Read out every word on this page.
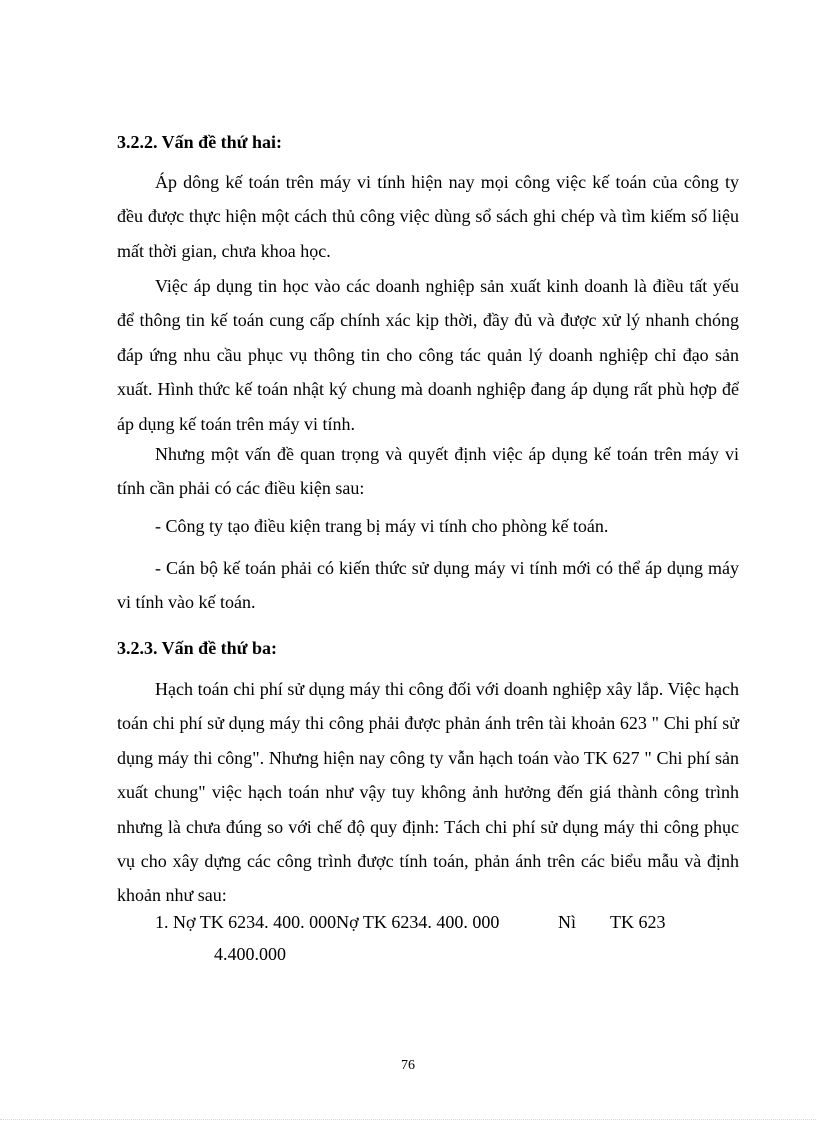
3.2.2. Vấn đề thứ hai:

Áp dông kế toán trên máy vi tính hiện nay mọi công việc kế toán của công ty đều được thực hiện một cách thủ công việc dùng sổ sách ghi chép và tìm kiếm số liệu mất thời gian, chưa khoa học.

Việc áp dụng tin học vào các doanh nghiệp sản xuất kinh doanh là điều tất yếu để thông tin kế toán cung cấp chính xác kịp thời, đầy đủ và được xử lý nhanh chóng đáp ứng nhu cầu phục vụ thông tin cho công tác quản lý doanh nghiệp chỉ đạo sản xuất. Hình thức kế toán nhật ký chung mà doanh nghiệp đang áp dụng rất phù hợp để áp dụng kế toán trên máy vi tính.

Nhưng một vấn đề quan trọng và quyết định việc áp dụng kế toán trên máy vi tính cần phải có các điều kiện sau:

- Công ty tạo điều kiện trang bị máy vi tính cho phòng kế toán.

- Cán bộ kế toán phải có kiến thức sử dụng máy vi tính mới có thể áp dụng máy vi tính vào kế toán.

3.2.3. Vấn đề thứ ba:

Hạch toán chi phí sử dụng máy thi công đối với doanh nghiệp xây lắp. Việc hạch toán chi phí sử dụng máy thi công phải được phản ánh trên tài khoản 623 " Chi phí sử dụng máy thi công". Nhưng hiện nay công ty vẫn hạch toán vào TK 627 " Chi phí sản xuất chung" việc hạch toán như vậy tuy không ảnh hưởng đến giá thành công trình nhưng là chưa đúng so với chế độ quy định: Tách chi phí sử dụng máy thi công phục vụ cho xây dựng các công trình được tính toán, phản ánh trên các biểu mẫu và định khoản như sau:

1. Nợ TK 6234. 400. 000Nợ TK 6234. 400. 000	Nì TK 623
4.400.000
76
